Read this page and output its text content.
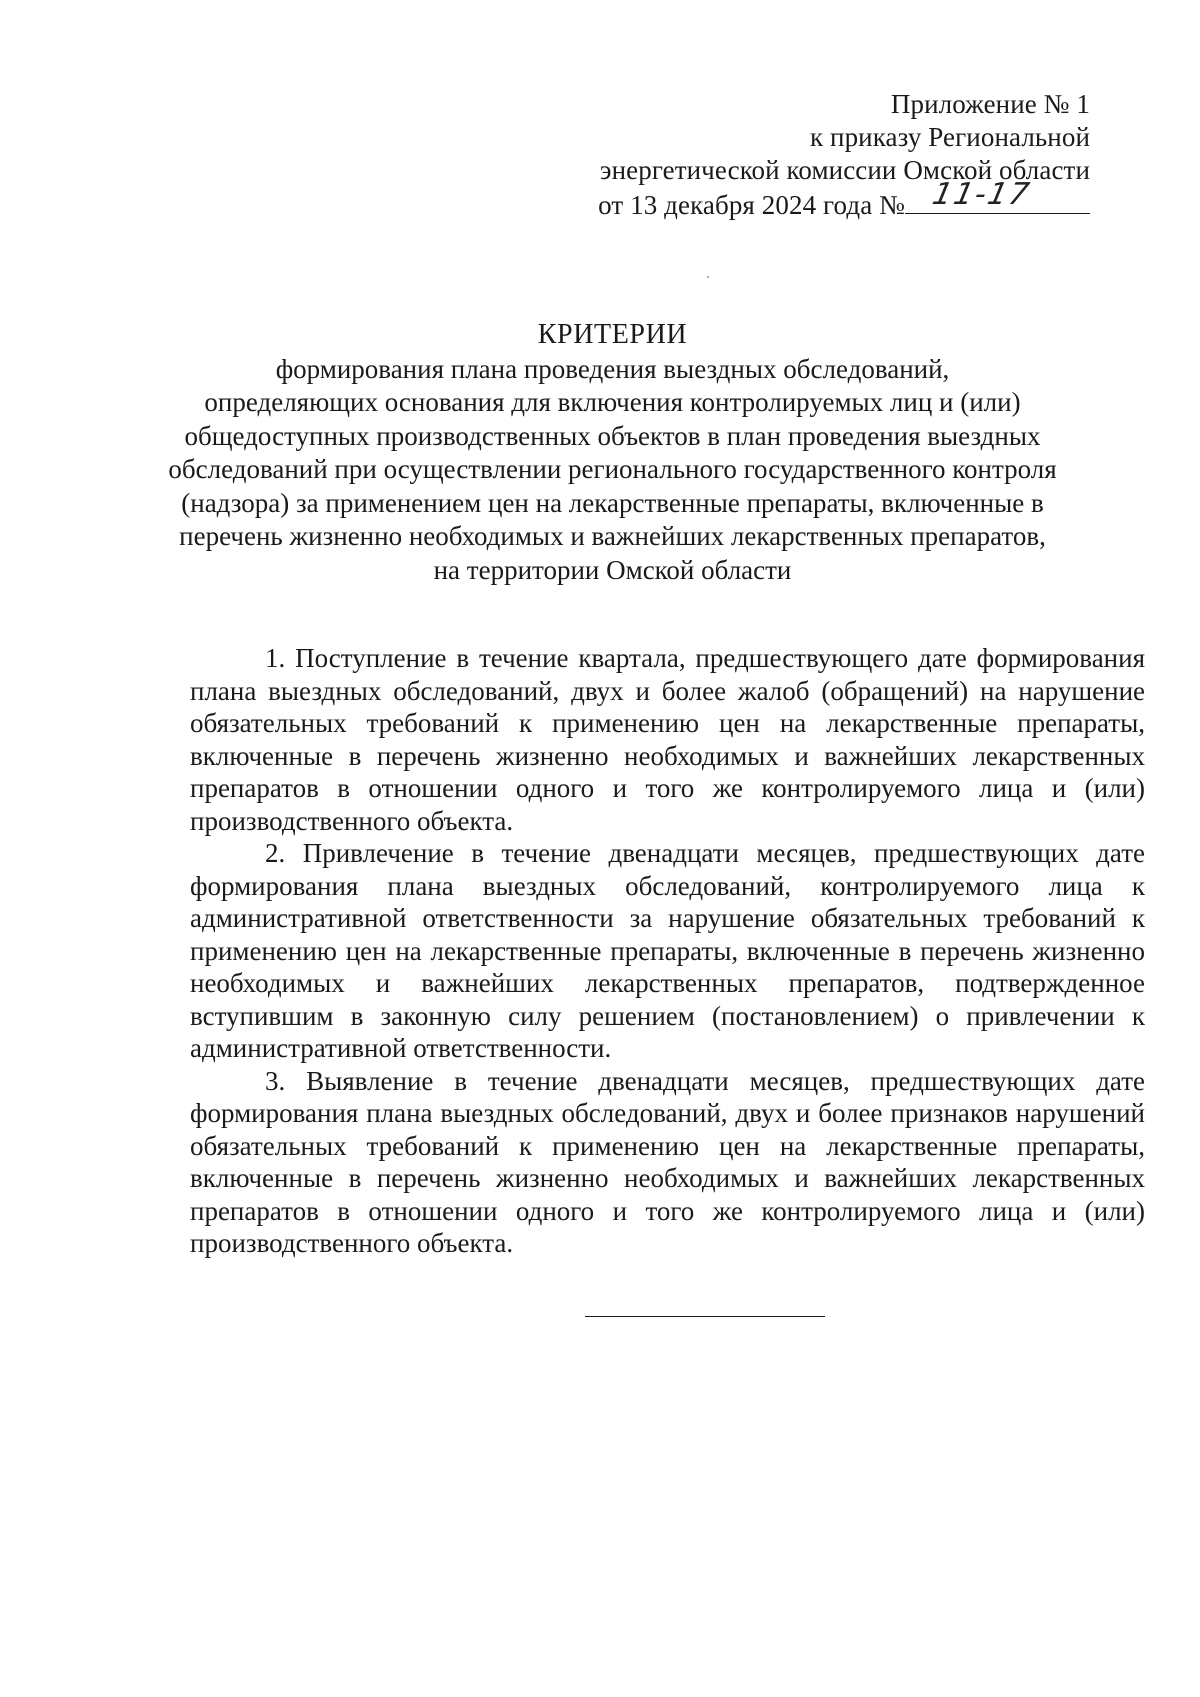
Приложение № 1
к приказу Региональной
энергетической комиссии Омской области
от 13 декабря 2024 года № 11-17
КРИТЕРИИ
формирования плана проведения выездных обследований,
определяющих основания для включения контролируемых лиц и (или)
общедоступных производственных объектов в план проведения выездных
обследований при осуществлении регионального государственного контроля
(надзора) за применением цен на лекарственные препараты, включенные в
перечень жизненно необходимых и важнейших лекарственных препаратов,
на территории Омской области

1. Поступление в течение квартала, предшествующего дате формирования плана выездных обследований, двух и более жалоб (обращений) на нарушение обязательных требований к применению цен на лекарственные препараты, включенные в перечень жизненно необходимых и важнейших лекарственных препаратов в отношении одного и того же контролируемого лица и (или) производственного объекта.

2. Привлечение в течение двенадцати месяцев, предшествующих дате формирования плана выездных обследований, контролируемого лица к административной ответственности за нарушение обязательных требований к применению цен на лекарственные препараты, включенные в перечень жизненно необходимых и важнейших лекарственных препаратов, подтвержденное вступившим в законную силу решением (постановлением) о привлечении к административной ответственности.

3. Выявление в течение двенадцати месяцев, предшествующих дате формирования плана выездных обследований, двух и более признаков нарушений обязательных требований к применению цен на лекарственные препараты, включенные в перечень жизненно необходимых и важнейших лекарственных препаратов в отношении одного и того же контролируемого лица и (или) производственного объекта.
